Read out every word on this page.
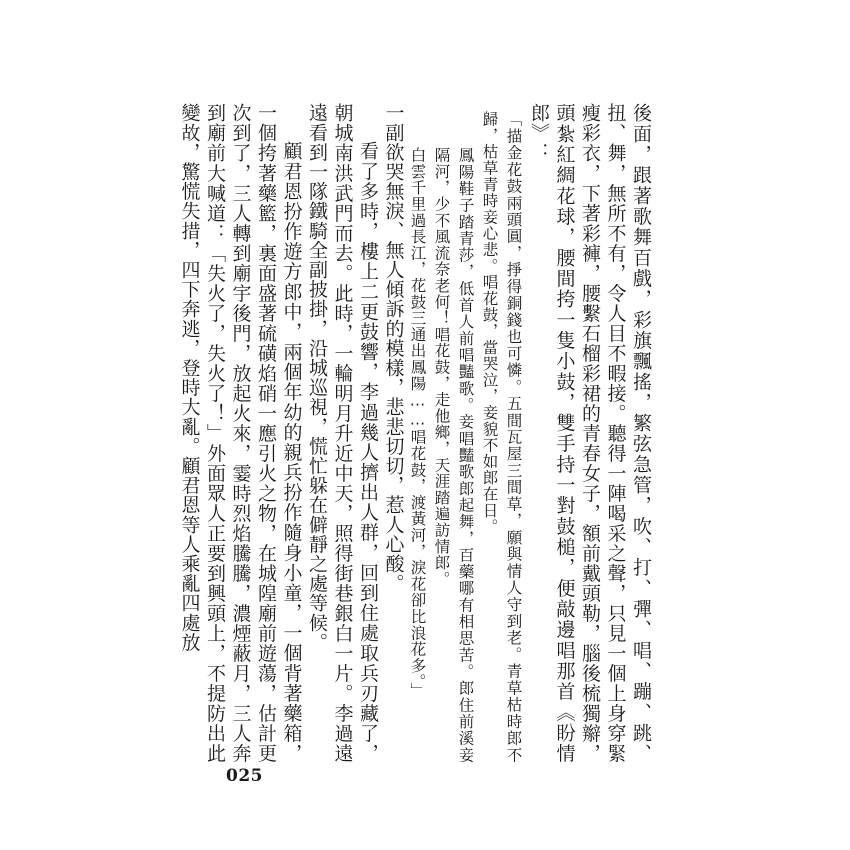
後面，跟著歌舞百戲，彩旗飄搖，繁弦急管，吹、打、彈、唱、蹦、跳、扭、舞，無所不有，令人目不暇接。聽得一陣喝采之聲，只見一個上身穿緊瘦彩衣，下著彩褲，腰繫石榴彩裙的青春女子，額前戴頭勒，腦後梳獨辮，頭紮紅綢花球，腰間挎一隻小鼓，雙手持一對鼓槌，便敲邊唱那首《盼情郎》：

「描金花鼓兩頭圓，掙得銅錢也可憐。五間瓦屋三間草，願與情人守到老。青草枯時郎不歸，枯草青時妾心悲。唱花鼓，當哭泣，妾貌不如郎在日。

鳳陽鞋子踏青莎，低首人前唱豔歌。妾唱豔歌郎起舞，百藥哪有相思苦。郎住前溪妾隔河，少不風流奈老何！唱花鼓，走他鄉，天涯踏遍訪情郎。

白雲千里過長江，花鼓三通出鳳陽……唱花鼓，渡黃河，淚花卻比浪花多。」

一副欲哭無淚、無人傾訴的模樣，悲悲切切，惹人心酸。

看了多時，樓上二更鼓響，李過幾人擠出人群，回到住處取兵刃藏了，朝城南洪武門而去。此時，一輪明月升近中天，照得街巷銀白一片。李過遠遠看到一隊鐵騎全副披掛，沿城巡視，慌忙躲在僻靜之處等候。

顧君恩扮作遊方郎中，兩個年幼的親兵扮作隨身小童，一個背著藥箱，一個挎著藥籃，裏面盛著硫磺焰硝一應引火之物，在城隍廟前遊蕩，估計更次到了，三人轉到廟宇後門，放起火來，霎時烈焰騰騰，濃煙蔽月，三人奔到廟前大喊道：「失火了，失火了！」外面眾人正要到興頭上，不提防出此變故，驚慌失措，四下奔逃，登時大亂。顧君恩等人乘亂四處放

025
